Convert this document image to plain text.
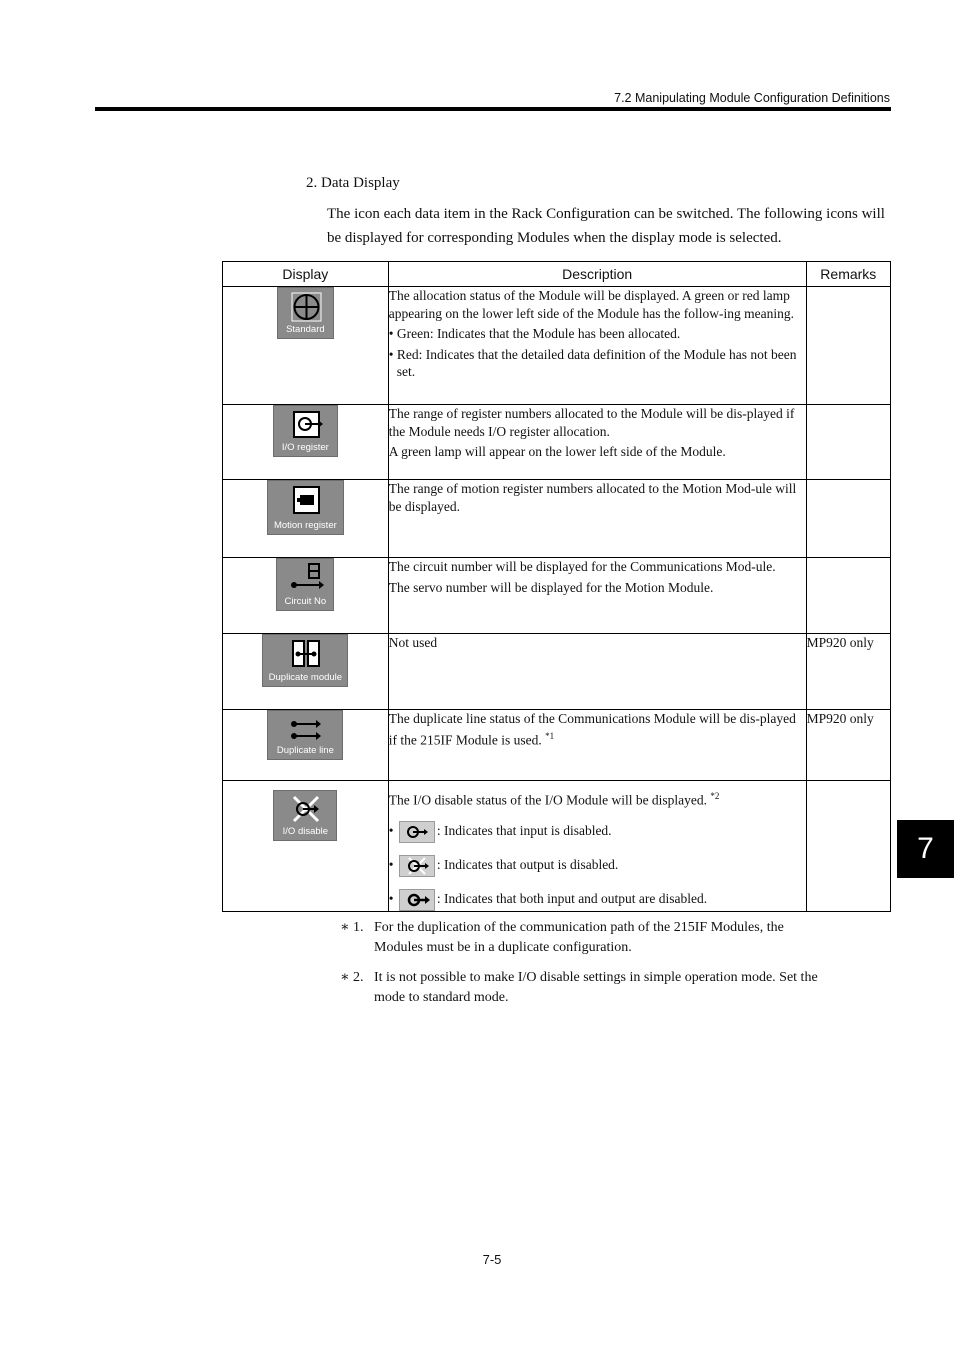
7.2 Manipulating Module Configuration Definitions
2. Data Display
The icon each data item in the Rack Configuration can be switched. The following icons will be displayed for corresponding Modules when the display mode is selected.
Display	Description	Remarks

Standard	The allocation status of the Module will be displayed. A green or red lamp appearing on the lower left side of the Module has the follow-ing meaning.

• Green: Indicates that the Module has been allocated.

• Red: Indicates that the detailed data definition of the Module has not been set.	

I/O register	The range of register numbers allocated to the Module will be dis-played if the Module needs I/O register allocation.

A green lamp will appear on the lower left side of the Module.	

Motion register	The range of motion register numbers allocated to the Motion Mod-ule will be displayed.	

Circuit No	The circuit number will be displayed for the Communications Mod-ule.

The servo number will be displayed for the Motion Module.	

Duplicate module	Not used	MP920 only

Duplicate line	The duplicate line status of the Communications Module will be dis-played if the 215IF Module is used. $^{*1}$	MP920 only

I/O disable	The I/O disable status of the I/O Module will be displayed. $^{*2}$

• : Indicates that input is disabled.

• : Indicates that output is disabled.

• : Indicates that both input and output are disabled.	

∗ 1. For the duplication of the communication path of the 215IF Modules, the Modules must be in a duplicate configuration.

∗ 2. It is not possible to make I/O disable settings in simple operation mode. Set the mode to standard mode.

7
7-5
